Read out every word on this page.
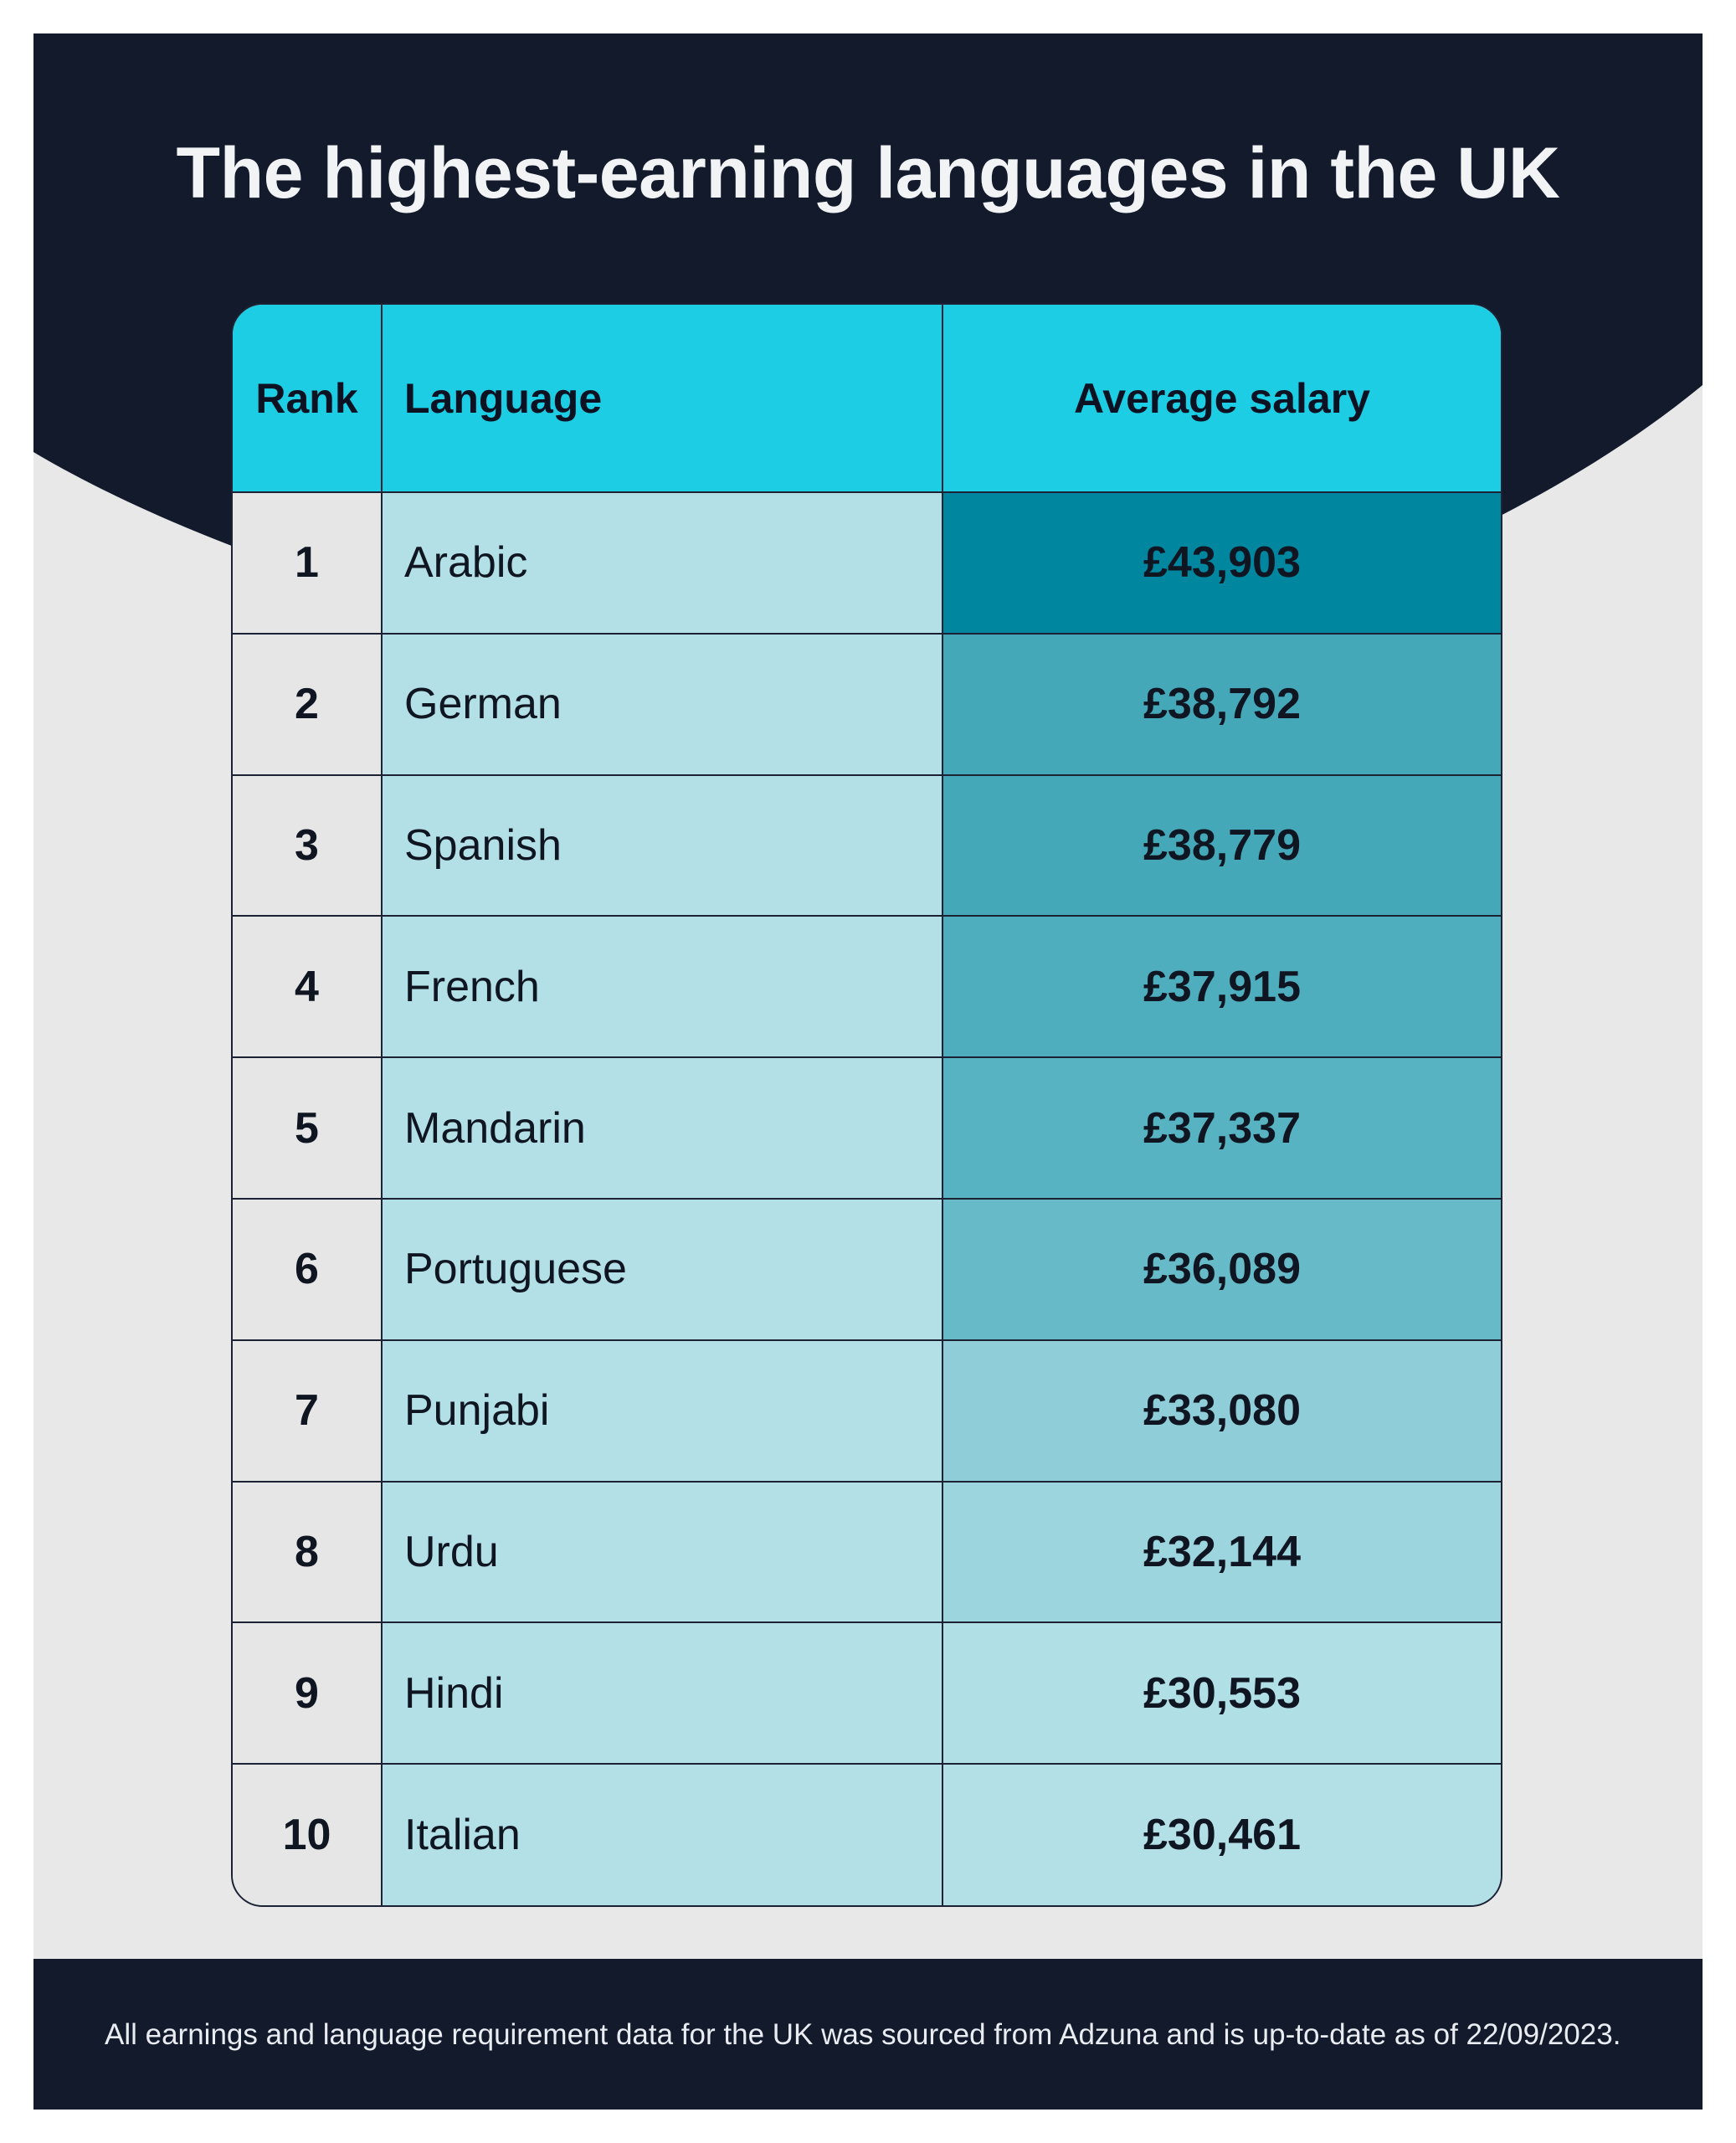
The highest-earning languages in the UK
Rank	Language	Average salary
1	Arabic	£43,903
2	German	£38,792
3	Spanish	£38,779
4	French	£37,915
5	Mandarin	£37,337
6	Portuguese	£36,089
7	Punjabi	£33,080
8	Urdu	£32,144
9	Hindi	£30,553
10	Italian	£30,461

All earnings and language requirement data for the UK was sourced from Adzuna and is up-to-date as of 22/09/2023.
